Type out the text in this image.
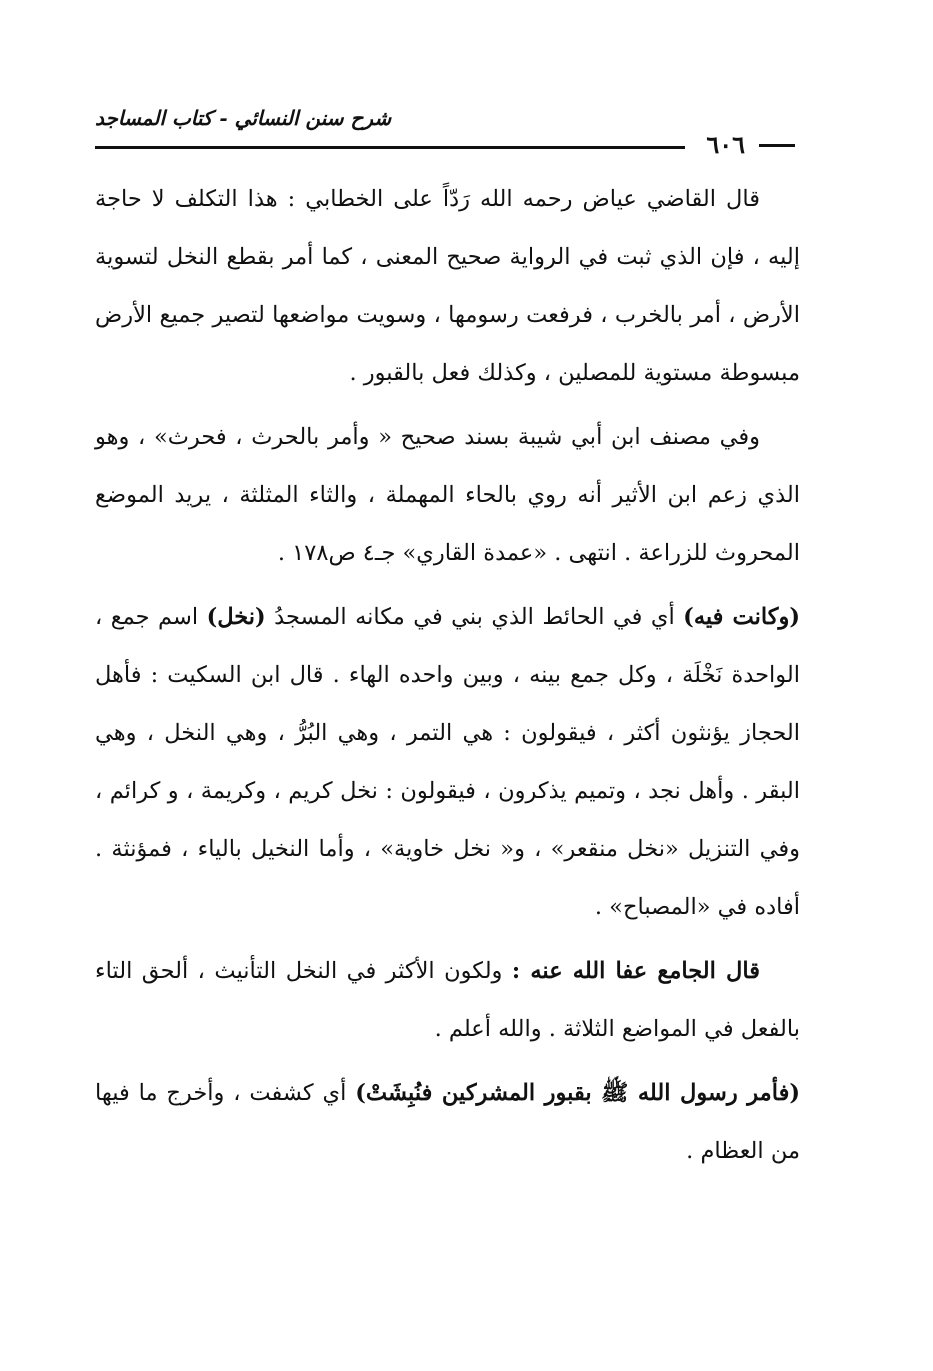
شرح سنن النسائي - كتاب المساجد
٦٠٦

قال القاضي عياض رحمه الله رَدّاً على الخطابي : هذا التكلف لا حاجة إليه ، فإن الذي ثبت في الرواية صحيح المعنى ، كما أمر بقطع النخل لتسوية الأرض ، أمر بالخرب ، فرفعت رسومها ، وسويت مواضعها لتصير جميع الأرض مبسوطة مستوية للمصلين ، وكذلك فعل بالقبور .

وفي مصنف ابن أبي شيبة بسند صحيح « وأمر بالحرث ، فحرث» ، وهو الذي زعم ابن الأثير أنه روي بالحاء المهملة ، والثاء المثلثة ، يريد الموضع المحروث للزراعة . انتهى . «عمدة القاري» جـ٤ ص١٧٨ .

(وكانت فيه) أي في الحائط الذي بني في مكانه المسجدُ (نخل) اسم جمع ، الواحدة نَخْلَة ، وكل جمع بينه ، وبين واحده الهاء . قال ابن السكيت : فأهل الحجاز يؤنثون أكثر ، فيقولون : هي التمر ، وهي البُرُّ ، وهي النخل ، وهي البقر . وأهل نجد ، وتميم يذكرون ، فيقولون : نخل كريم ، وكريمة ، و كرائم ، وفي التنزيل «نخل منقعر» ، و« نخل خاوية» ، وأما النخيل بالياء ، فمؤنثة . أفاده في «المصباح» .

قال الجامع عفا الله عنه : ولكون الأكثر في النخل التأنيث ، ألحق التاء بالفعل في المواضع الثلاثة . والله أعلم .

(فأمر رسول الله ﷺ بقبور المشركين فنُبِشَتْ) أي كشفت ، وأخرج ما فيها من العظام .
